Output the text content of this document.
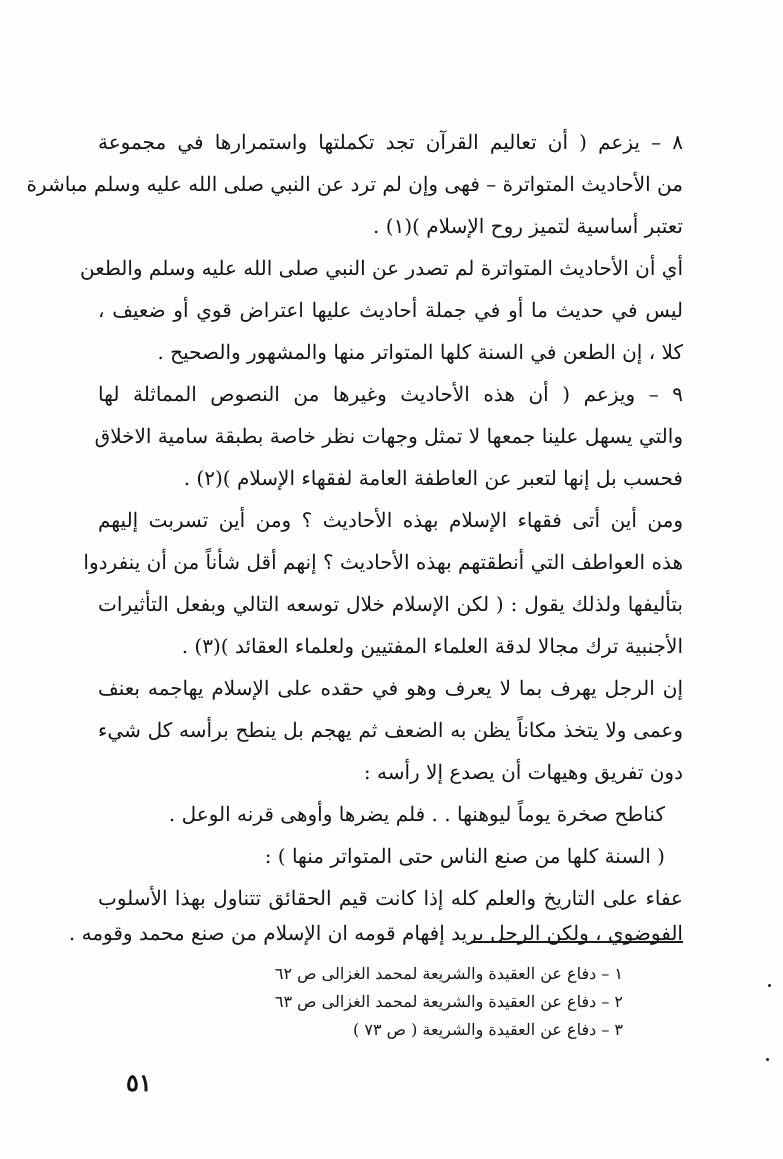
٨ – يزعم ( أن تعاليم القرآن تجد تكملتها واستمرارها في مجموعة
من الأحاديث المتواترة – فهى وإن لم ترد عن النبي صلى الله عليه وسلم مباشرة
تعتبر أساسية لتميز روح الإسلام )(١) .
أي أن الأحاديث المتواترة لم تصدر عن النبي صلى الله عليه وسلم والطعن
ليس في حديث ما أو في جملة أحاديث عليها اعتراض قوي أو ضعيف ،
كلا ، إن الطعن في السنة كلها المتواتر منها والمشهور والصحيح .
٩ – ويزعم ( أن هذه الأحاديث وغيرها من النصوص المماثلة لها
والتي يسهل علينا جمعها لا تمثل وجهات نظر خاصة بطبقة سامية الاخلاق
فحسب بل إنها لتعبر عن العاطفة العامة لفقهاء الإسلام )(٢) .
ومن أين أتى فقهاء الإسلام بهذه الأحاديث ؟ ومن أين تسربت إليهم
هذه العواطف التي أنطقتهم بهذه الأحاديث ؟ إنهم أقل شأناً من أن ينفردوا
بتأليفها ولذلك يقول : ( لكن الإسلام خلال توسعه التالي وبفعل التأثيرات
الأجنبية ترك مجالا لدقة العلماء المفتيين ولعلماء العقائد )(٣) .
إن الرجل يهرف بما لا يعرف وهو في حقده على الإسلام يهاجمه بعنف
وعمى ولا يتخذ مكاناً يظن به الضعف ثم يهجم بل ينطح برأسه كل شيء
دون تفريق وهيهات أن يصدع إلا رأسه :
كناطح صخرة يوماً ليوهنها . . فلم يضرها وأوهى قرنه الوعل .
( السنة كلها من صنع الناس حتى المتواتر منها ) :
عفاء على التاريخ والعلم كله إذا كانت قيم الحقائق تتناول بهذا الأسلوب
الفوضوي ، ولكن الرجل يريد إفهام قومه ان الإسلام من صنع محمد وقومه .
١ – دفاع عن العقيدة والشريعة لمحمد الغزالى ص ٦٢
٢ – دفاع عن العقيدة والشريعة لمحمد الغزالى ص ٦٣
٣ – دفاع عن العقيدة والشريعة ( ص ٧٣ )
٥١
